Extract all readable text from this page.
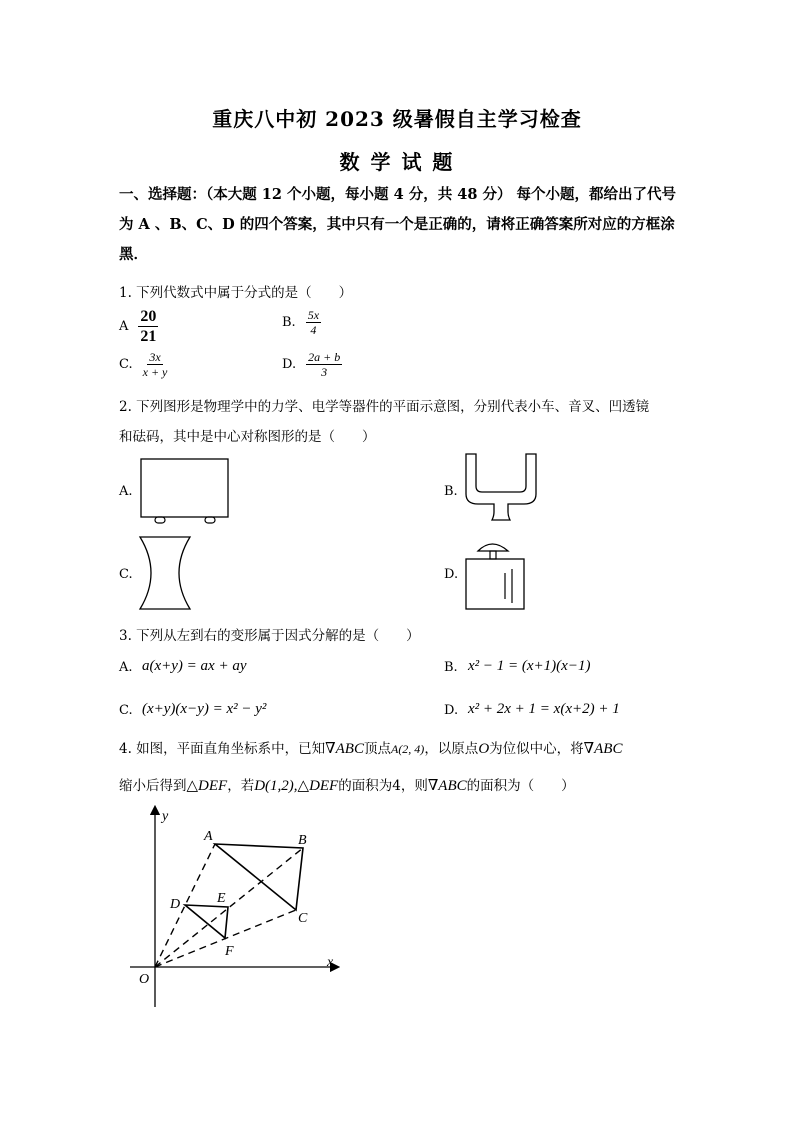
重庆八中初 2023 级暑假自主学习检查
数 学 试 题
一、选择题：（本大题 12 个小题，每小题 4 分，共 48 分） 每个小题，都给出了代号为 A 、B、C、D 的四个答案，其中只有一个是正确的，请将正确答案所对应的方框涂黑．
1. 下列代数式中属于分式的是（　　）
A $\frac{20}{21}$	B. $\frac{5x}{4}$
C. $\frac{3x}{x + y}$	D. $\frac{2a + b}{3}$
2. 下列图形是物理学中的力学、电学等器件的平面示意图，分别代表小车、音叉、凹透镜
和砝码，其中是中心对称图形的是（　　）
A.	B.
C.	D.
3. 下列从左到右的变形属于因式分解的是（　　）
A. a(x+y) = ax + ay	B. x² − 1 = (x+1)(x−1)
C. (x+y)(x−y) = x² − y²	D. x² + 2x + 1 = x(x+2) + 1
4. 如图，平面直角坐标系中，已知∇ABC顶点A(2, 4)，以原点O为位似中心，将∇ABC
缩小后得到△DEF，若D(1,2),△DEF的面积为4，则∇ABC的面积为（　　）
y
x
O
A	B
C
D	E
F
